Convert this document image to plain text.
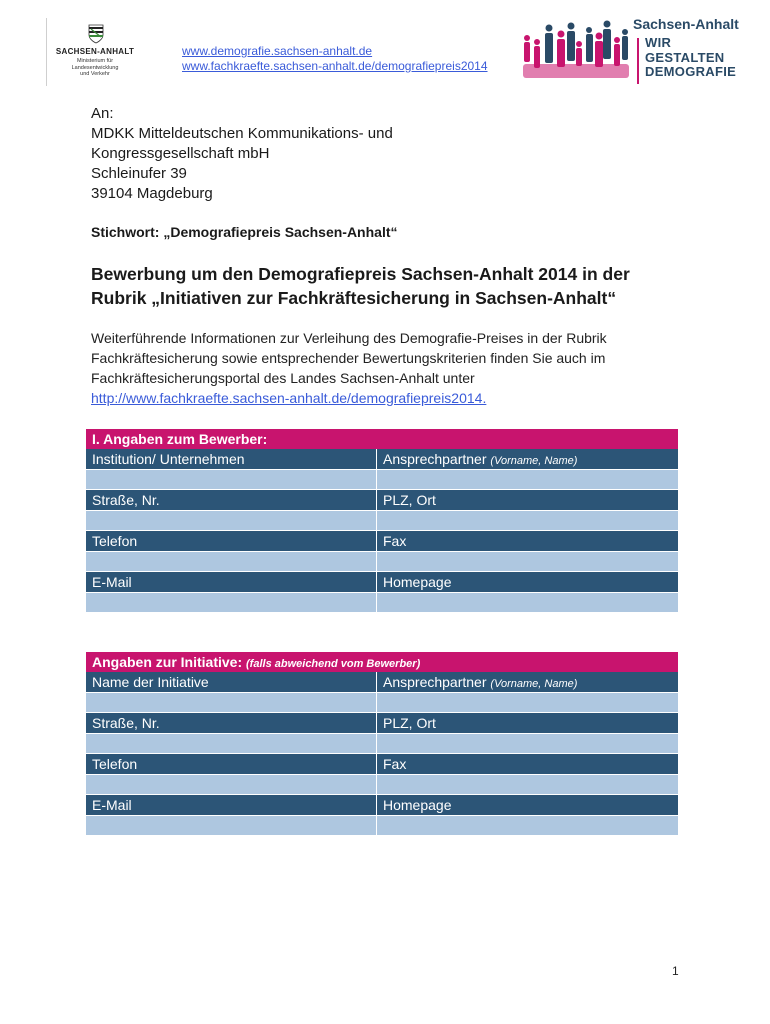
SACHSEN-ANHALT
Ministerium für
Landesentwicklung
und Verkehr
www.demografie.sachsen-anhalt.de
www.fachkraefte.sachsen-anhalt.de/demografiepreis2014
Sachsen-Anhalt
WIR
GESTALTEN
DEMOGRAFIE
An:
MDKK Mitteldeutschen Kommunikations- und
Kongressgesellschaft mbH
Schleinufer 39
39104 Magdeburg
Stichwort: „Demografiepreis Sachsen-Anhalt“
Bewerbung um den Demografiepreis Sachsen-Anhalt 2014 in der
Rubrik „Initiativen zur Fachkräftesicherung in Sachsen-Anhalt“
Weiterführende Informationen zur Verleihung des Demografie-Preises in der Rubrik
Fachkräftesicherung sowie entsprechender Bewertungskriterien finden Sie auch im
Fachkräftesicherungsportal des Landes Sachsen-Anhalt unter
http://www.fachkraefte.sachsen-anhalt.de/demografiepreis2014.
I. Angaben zum Bewerber:
Institution/ Unternehmen	Ansprechpartner (Vorname, Name)
Straße, Nr.	PLZ, Ort
Telefon	Fax
E-Mail	Homepage
Angaben zur Initiative: (falls abweichend vom Bewerber)
Name der Initiative	Ansprechpartner (Vorname, Name)
Straße, Nr.	PLZ, Ort
Telefon	Fax
E-Mail	Homepage
1
